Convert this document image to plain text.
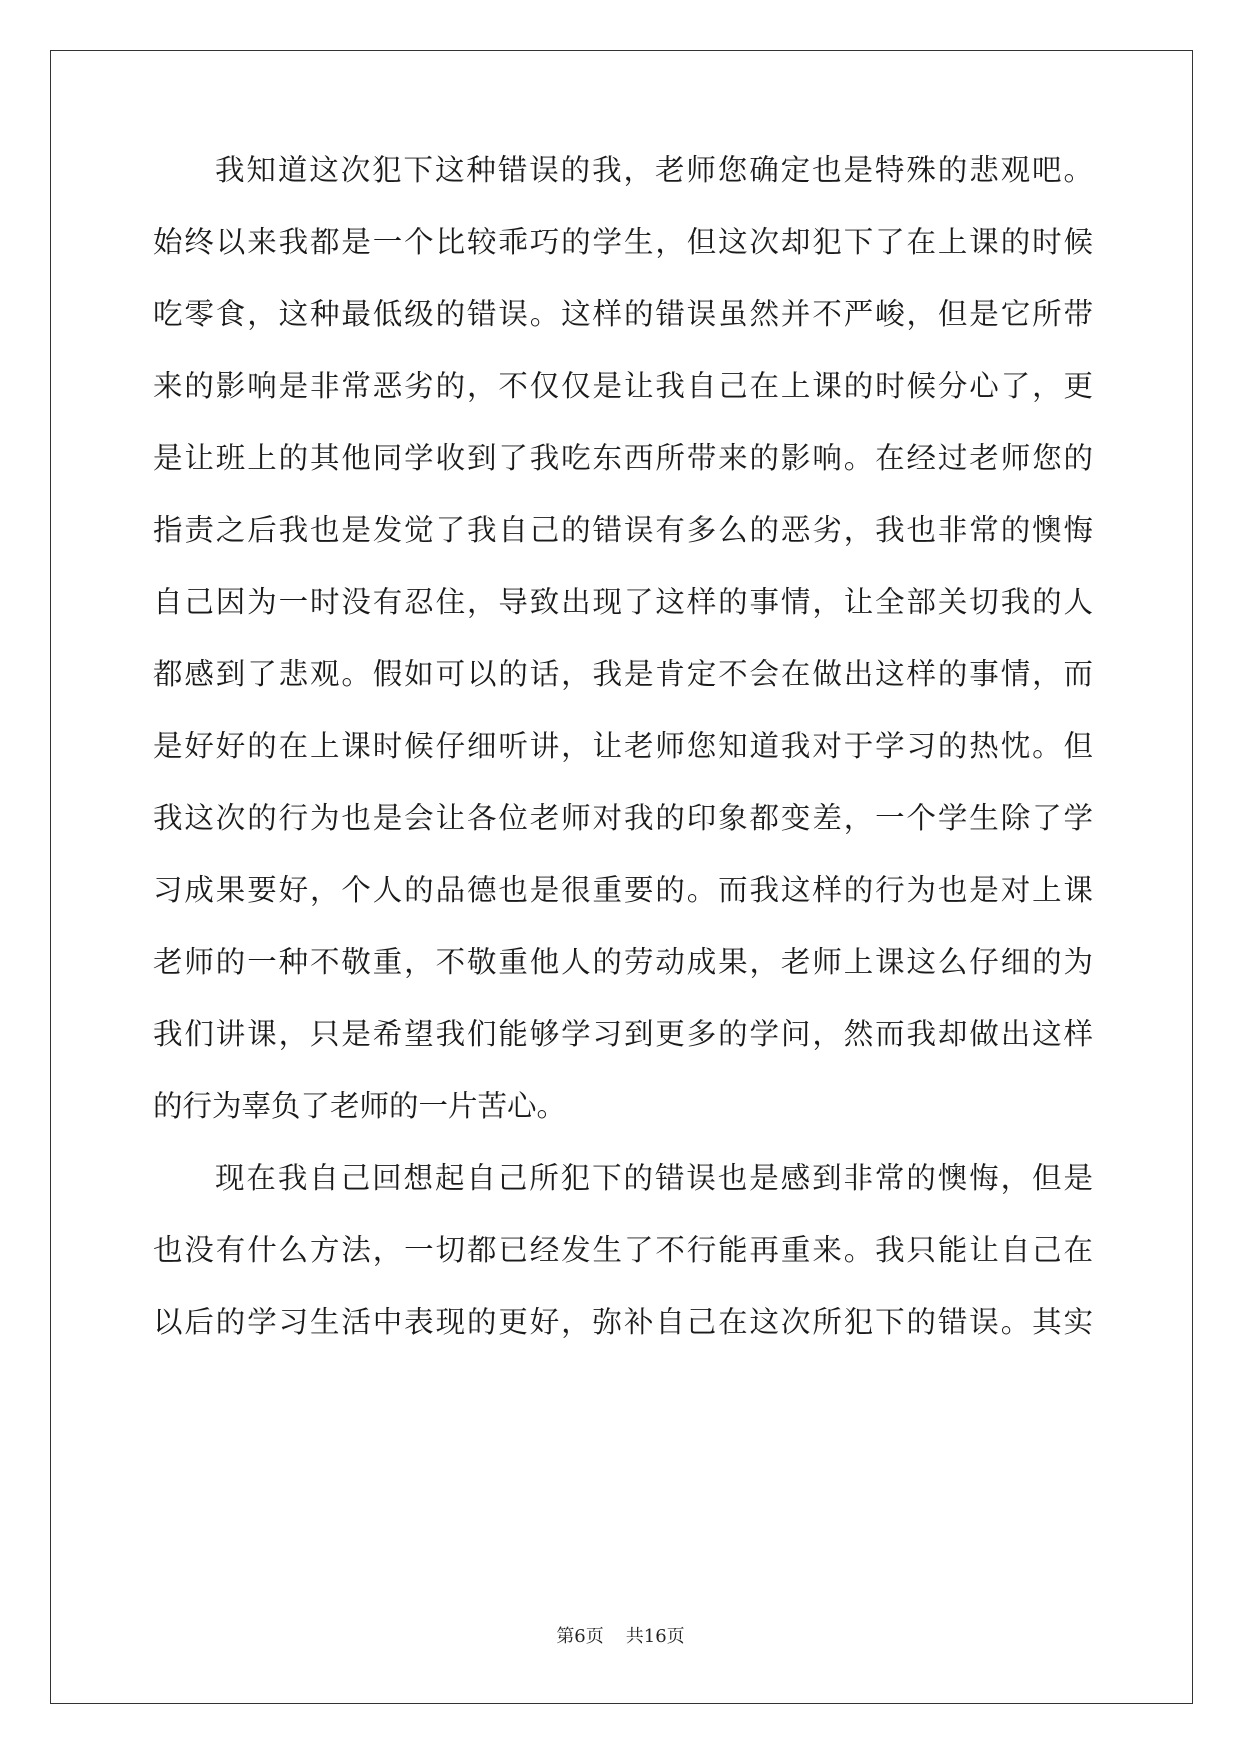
我知道这次犯下这种错误的我，老师您确定也是特殊的悲观吧。
始终以来我都是一个比较乖巧的学生，但这次却犯下了在上课的时候
吃零食，这种最低级的错误。这样的错误虽然并不严峻，但是它所带
来的影响是非常恶劣的，不仅仅是让我自己在上课的时候分心了，更
是让班上的其他同学收到了我吃东西所带来的影响。在经过老师您的
指责之后我也是发觉了我自己的错误有多么的恶劣，我也非常的懊悔
自己因为一时没有忍住，导致出现了这样的事情，让全部关切我的人
都感到了悲观。假如可以的话，我是肯定不会在做出这样的事情，而
是好好的在上课时候仔细听讲，让老师您知道我对于学习的热忱。但
我这次的行为也是会让各位老师对我的印象都变差，一个学生除了学
习成果要好，个人的品德也是很重要的。而我这样的行为也是对上课
老师的一种不敬重，不敬重他人的劳动成果，老师上课这么仔细的为
我们讲课，只是希望我们能够学习到更多的学问，然而我却做出这样
的行为辜负了老师的一片苦心。
现在我自己回想起自己所犯下的错误也是感到非常的懊悔，但是
也没有什么方法，一切都已经发生了不行能再重来。我只能让自己在
以后的学习生活中表现的更好，弥补自己在这次所犯下的错误。其实
第6页 共16页
